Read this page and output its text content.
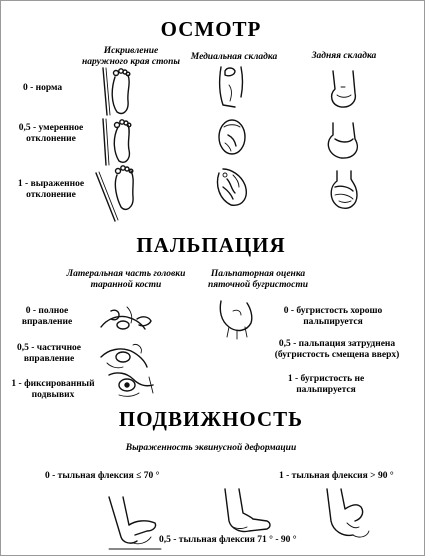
ОСМОТР
Искривление наружного края стопы	Медиальная складка	Задняя складка
0 - норма
0,5 - умеренное отклонение
1 - выраженное отклонение
ПАЛЬПАЦИЯ
Латеральная часть головки таранной кости
Пальпаторная оценка пяточной бугристости
0 - полное вправление
0,5 - частичное вправление
1 - фиксированный подвывих
0 - бугристость хорошо пальпируется
0,5 - пальпация затруднена (бугристость смещена вверх)
1 - бугристость не пальпируется
ПОДВИЖНОСТЬ
Выраженность эквинусной деформации
0 - тыльная флексия ≤ 70 °	1 - тыльная флексия > 90 °
0,5 - тыльная флексия 71 ° - 90 °
